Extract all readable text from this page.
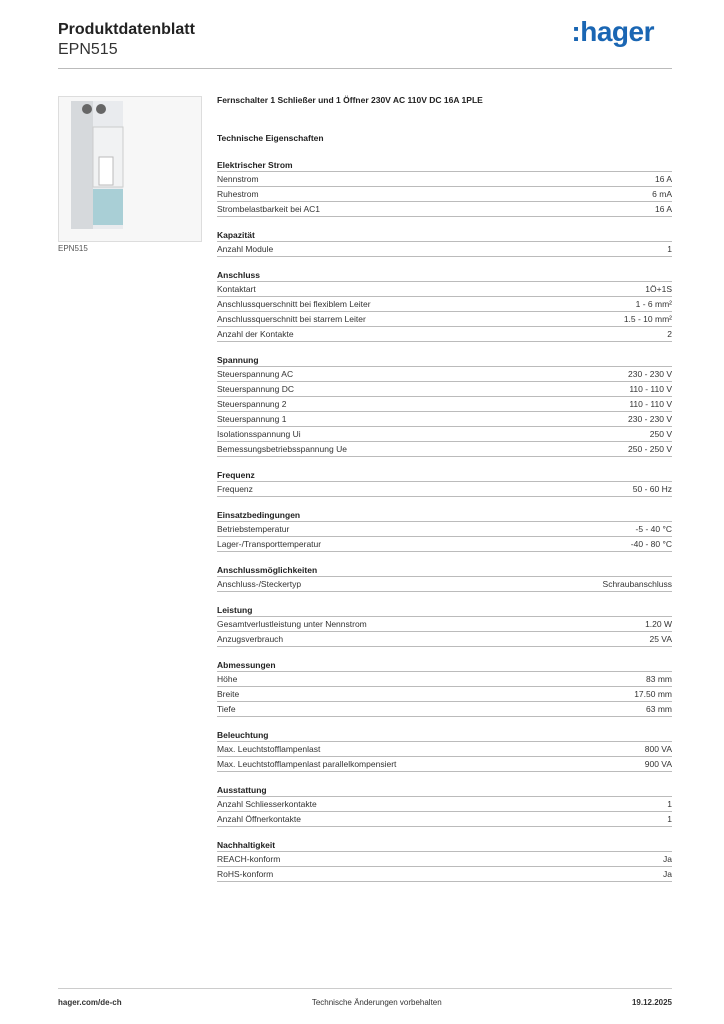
Produktdatenblatt
EPN515
:hager
EPN515
Fernschalter 1 Schließer und 1 Öffner 230V AC 110V DC 16A 1PLE
Technische Eigenschaften
Elektrischer Strom
Nennstrom	16 A
Ruhestrom	6 mA
Strombelastbarkeit bei AC1	16 A
Kapazität
Anzahl Module	1
Anschluss
Kontaktart	1Ö+1S
Anschlussquerschnitt bei flexiblem Leiter	1 - 6 mm²
Anschlussquerschnitt bei starrem Leiter	1.5 - 10 mm²
Anzahl der Kontakte	2
Spannung
Steuerspannung AC	230 - 230 V
Steuerspannung DC	110 - 110 V
Steuerspannung 2	110 - 110 V
Steuerspannung 1	230 - 230 V
Isolationsspannung Ui	250 V
Bemessungsbetriebsspannung Ue	250 - 250 V
Frequenz
Frequenz	50 - 60 Hz
Einsatzbedingungen
Betriebstemperatur	-5 - 40 °C
Lager-/Transporttemperatur	-40 - 80 °C
Anschlussmöglichkeiten
Anschluss-/Steckertyp	Schraubanschluss
Leistung
Gesamtverlustleistung unter Nennstrom	1.20 W
Anzugsverbrauch	25 VA
Abmessungen
Höhe	83 mm
Breite	17.50 mm
Tiefe	63 mm
Beleuchtung
Max. Leuchtstofflampenlast	800 VA
Max. Leuchtstofflampenlast parallelkompensiert	900 VA
Ausstattung
Anzahl Schliesserkontakte	1
Anzahl Öffnerkontakte	1
Nachhaltigkeit
REACH-konform	Ja
RoHS-konform	Ja
hager.com/de-ch	Technische Änderungen vorbehalten	19.12.2025
